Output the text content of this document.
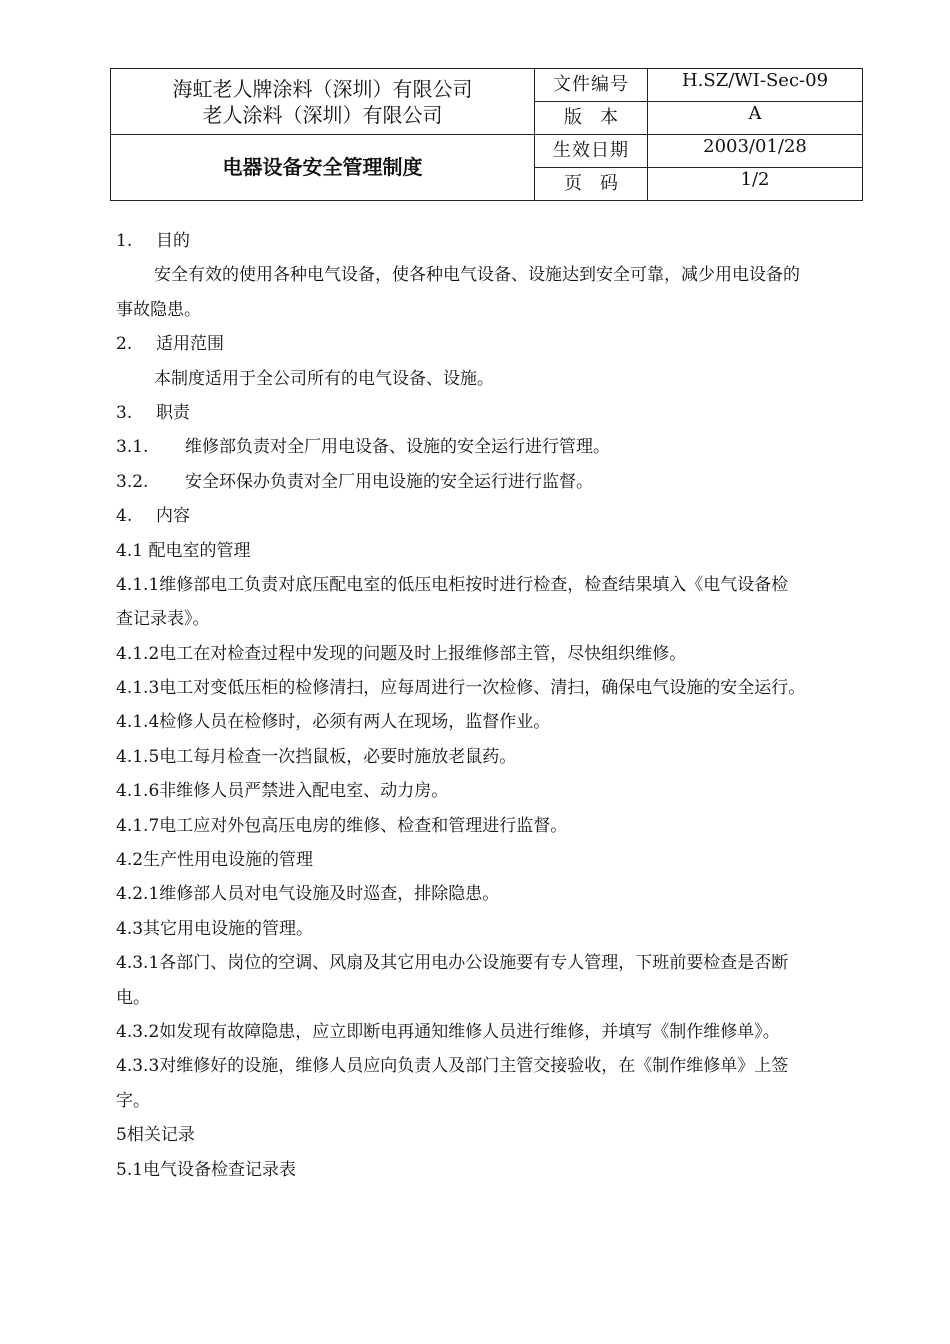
海虹老人牌涂料（深圳）有限公司
老人涂料（深圳）有限公司	文件编号	H.SZ/WI-Sec-09
	版本	A
电器设备安全管理制度	生效日期	2003/01/28
	页码	1/2
1. 目的
安全有效的使用各种电气设备，使各种电气设备、设施达到安全可靠，减少用电设备的
事故隐患。
2. 适用范围
本制度适用于全公司所有的电气设备、设施。
3. 职责
3.1. 维修部负责对全厂用电设备、设施的安全运行进行管理。
3.2. 安全环保办负责对全厂用电设施的安全运行进行监督。
4. 内容
4.1 配电室的管理
4.1.1维修部电工负责对底压配电室的低压电柜按时进行检查，检查结果填入《电气设备检
查记录表》。
4.1.2电工在对检查过程中发现的问题及时上报维修部主管，尽快组织维修。
4.1.3电工对变低压柜的检修清扫，应每周进行一次检修、清扫，确保电气设施的安全运行。
4.1.4检修人员在检修时，必须有两人在现场，监督作业。
4.1.5电工每月检查一次挡鼠板，必要时施放老鼠药。
4.1.6非维修人员严禁进入配电室、动力房。
4.1.7电工应对外包高压电房的维修、检查和管理进行监督。
4.2生产性用电设施的管理
4.2.1维修部人员对电气设施及时巡查，排除隐患。
4.3其它用电设施的管理。
4.3.1各部门、岗位的空调、风扇及其它用电办公设施要有专人管理，下班前要检查是否断
电。
4.3.2如发现有故障隐患，应立即断电再通知维修人员进行维修，并填写《制作维修单》。
4.3.3对维修好的设施，维修人员应向负责人及部门主管交接验收，在《制作维修单》上签
字。
5相关记录
5.1电气设备检查记录表
